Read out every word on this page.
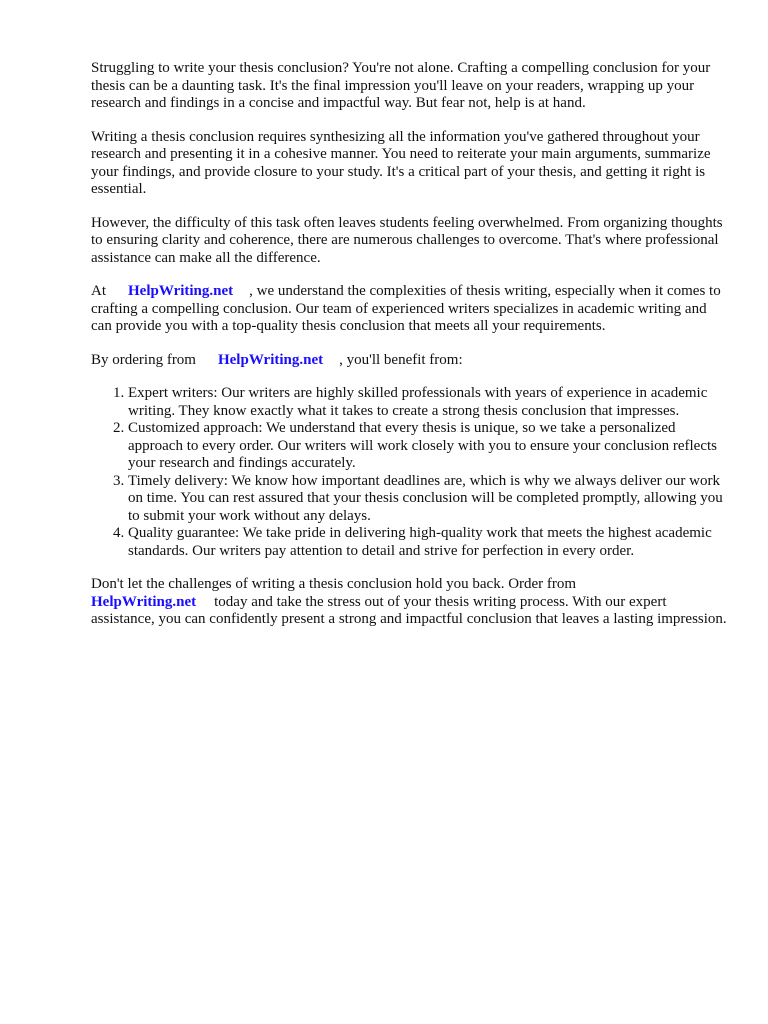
Struggling to write your thesis conclusion? You're not alone. Crafting a compelling conclusion for your thesis can be a daunting task. It's the final impression you'll leave on your readers, wrapping up your research and findings in a concise and impactful way. But fear not, help is at hand.

Writing a thesis conclusion requires synthesizing all the information you've gathered throughout your research and presenting it in a cohesive manner. You need to reiterate your main arguments, summarize your findings, and provide closure to your study. It's a critical part of your thesis, and getting it right is essential.

However, the difficulty of this task often leaves students feeling overwhelmed. From organizing thoughts to ensuring clarity and coherence, there are numerous challenges to overcome. That's where professional assistance can make all the difference.

At HelpWriting.net , we understand the complexities of thesis writing, especially when it comes to crafting a compelling conclusion. Our team of experienced writers specializes in academic writing and can provide you with a top-quality thesis conclusion that meets all your requirements.

By ordering from HelpWriting.net , you'll benefit from:

1. Expert writers: Our writers are highly skilled professionals with years of experience in academic writing. They know exactly what it takes to create a strong thesis conclusion that impresses.
2. Customized approach: We understand that every thesis is unique, so we take a personalized approach to every order. Our writers will work closely with you to ensure your conclusion reflects your research and findings accurately.
3. Timely delivery: We know how important deadlines are, which is why we always deliver our work on time. You can rest assured that your thesis conclusion will be completed promptly, allowing you to submit your work without any delays.
4. Quality guarantee: We take pride in delivering high-quality work that meets the highest academic standards. Our writers pay attention to detail and strive for perfection in every order.

Don't let the challenges of writing a thesis conclusion hold you back. Order from
HelpWriting.net today and take the stress out of your thesis writing process. With our expert assistance, you can confidently present a strong and impactful conclusion that leaves a lasting impression.
